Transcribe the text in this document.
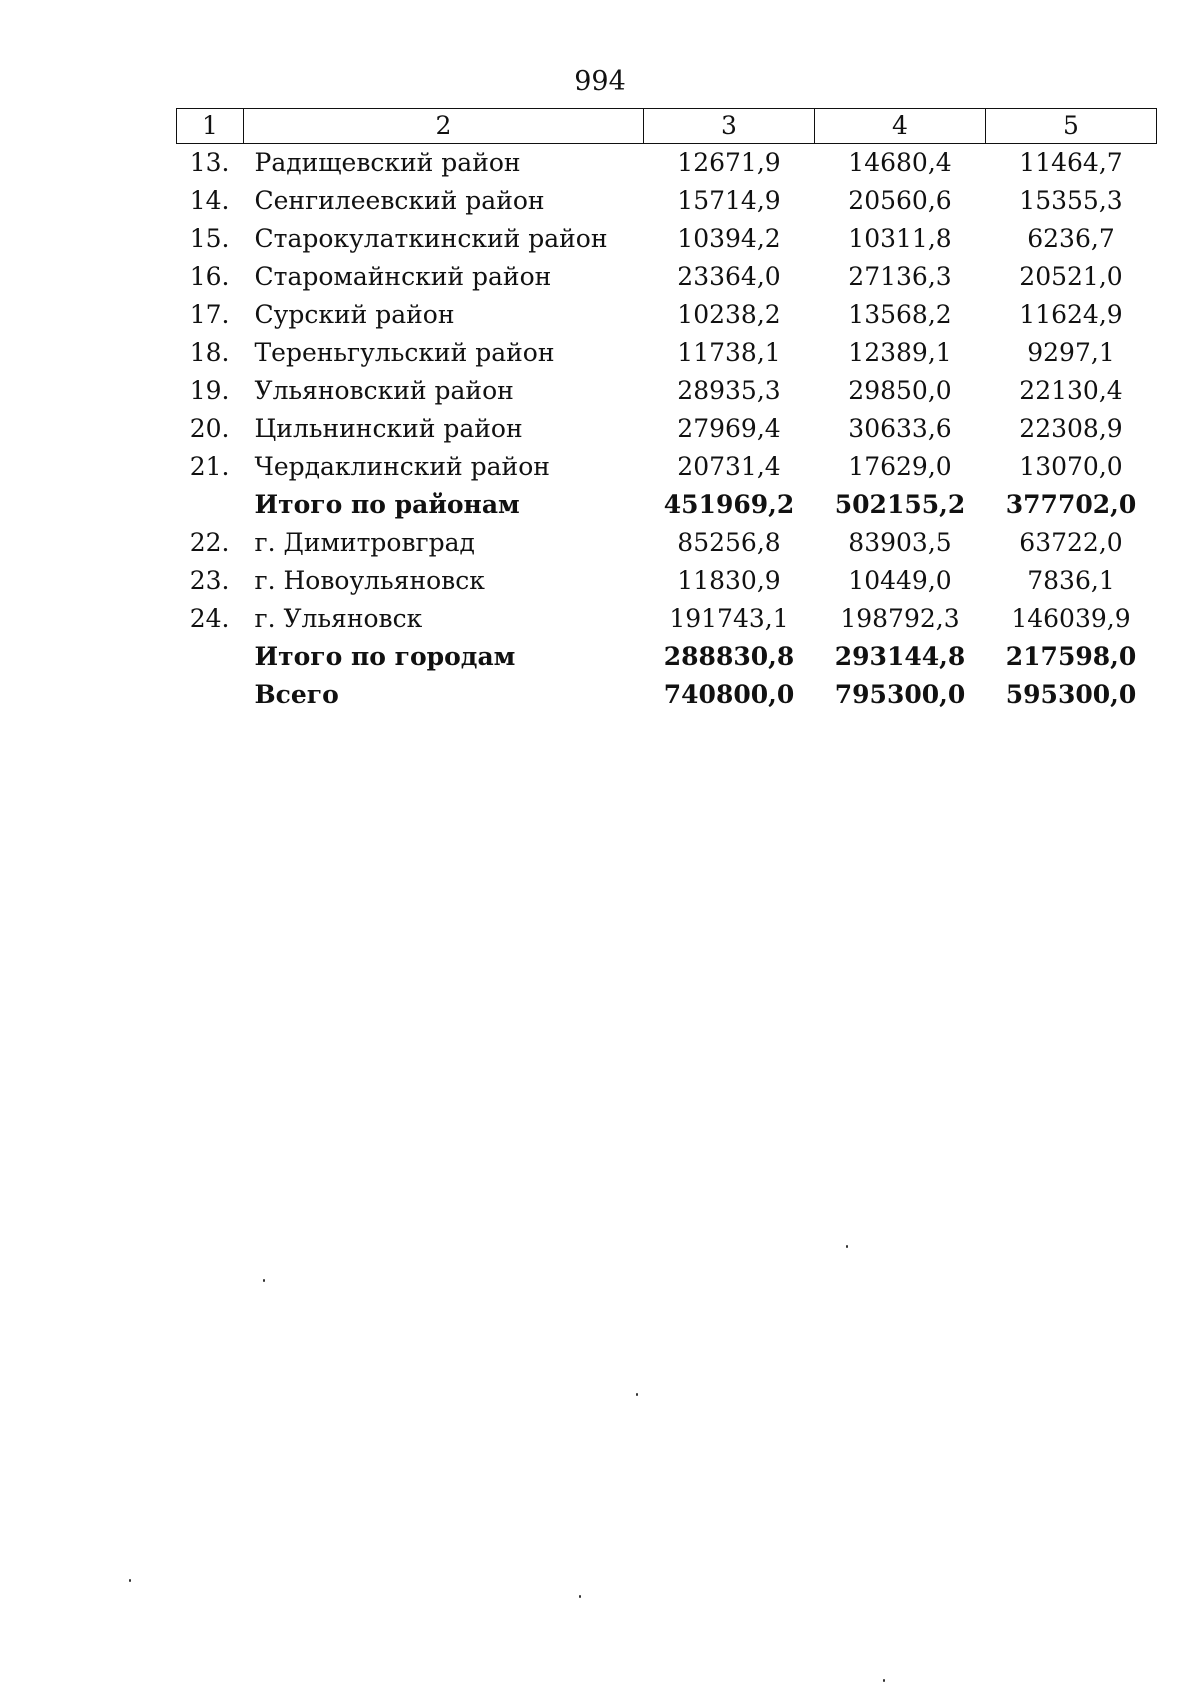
994
1	2	3	4	5
13.	Радищевский район	12671,9	14680,4	11464,7
14.	Сенгилеевский район	15714,9	20560,6	15355,3
15.	Старокулаткинский район	10394,2	10311,8	6236,7
16.	Старомайнский район	23364,0	27136,3	20521,0
17.	Сурский район	10238,2	13568,2	11624,9
18.	Тереньгульский район	11738,1	12389,1	9297,1
19.	Ульяновский район	28935,3	29850,0	22130,4
20.	Цильнинский район	27969,4	30633,6	22308,9
21.	Чердаклинский район	20731,4	17629,0	13070,0
	Итого по районам	451969,2	502155,2	377702,0
22.	г. Димитровград	85256,8	83903,5	63722,0
23.	г. Новоульяновск	11830,9	10449,0	7836,1
24.	г. Ульяновск	191743,1	198792,3	146039,9
	Итого по городам	288830,8	293144,8	217598,0
	Всего	740800,0	795300,0	595300,0
